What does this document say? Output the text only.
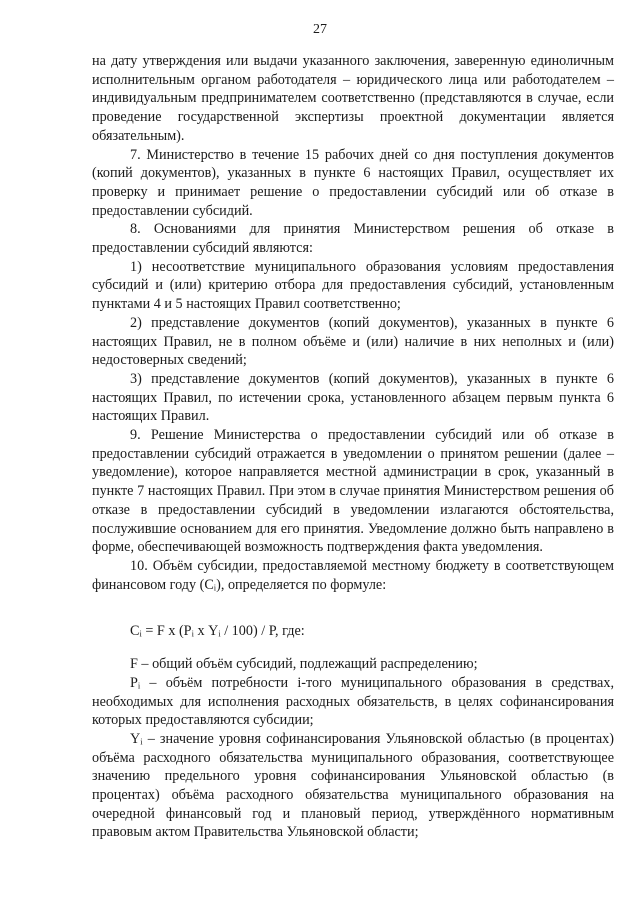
27

на дату утверждения или выдачи указанного заключения, заверенную единоличным исполнительным органом работодателя – юридического лица или работодателем – индивидуальным предпринимателем соответственно (представляются в случае, если проведение государственной экспертизы проектной документации является обязательным).

7. Министерство в течение 15 рабочих дней со дня поступления документов (копий документов), указанных в пункте 6 настоящих Правил, осуществляет их проверку и принимает решение о предоставлении субсидий или об отказе в предоставлении субсидий.

8. Основаниями для принятия Министерством решения об отказе в предоставлении субсидий являются:

1) несоответствие муниципального образования условиям предоставления субсидий и (или) критерию отбора для предоставления субсидий, установленным пунктами 4 и 5 настоящих Правил соответственно;

2) представление документов (копий документов), указанных в пункте 6 настоящих Правил, не в полном объёме и (или) наличие в них неполных и (или) недостоверных сведений;

3) представление документов (копий документов), указанных в пункте 6 настоящих Правил, по истечении срока, установленного абзацем первым пункта 6 настоящих Правил.

9. Решение Министерства о предоставлении субсидий или об отказе в предоставлении субсидий отражается в уведомлении о принятом решении (далее – уведомление), которое направляется местной администрации в срок, указанный в пункте 7 настоящих Правил. При этом в случае принятия Министерством решения об отказе в предоставлении субсидий в уведомлении излагаются обстоятельства, послужившие основанием для его принятия. Уведомление должно быть направлено в форме, обеспечивающей возможность подтверждения факта уведомления.

10. Объём субсидии, предоставляемой местному бюджету в соответствующем финансовом году (Сᵢ), определяется по формуле:

Сᵢ = F х (Рᵢ х Yᵢ / 100) / P, где:

F – общий объём субсидий, подлежащий распределению;

Рᵢ – объём потребности i-того муниципального образования в средствах, необходимых для исполнения расходных обязательств, в целях софинансирования которых предоставляются субсидии;

Yᵢ – значение уровня софинансирования Ульяновской областью (в процентах) объёма расходного обязательства муниципального образования, соответствующее значению предельного уровня софинансирования Ульяновской областью (в процентах) объёма расходного обязательства муниципального образования на очередной финансовый год и плановый период, утверждённого нормативным правовым актом Правительства Ульяновской области;
